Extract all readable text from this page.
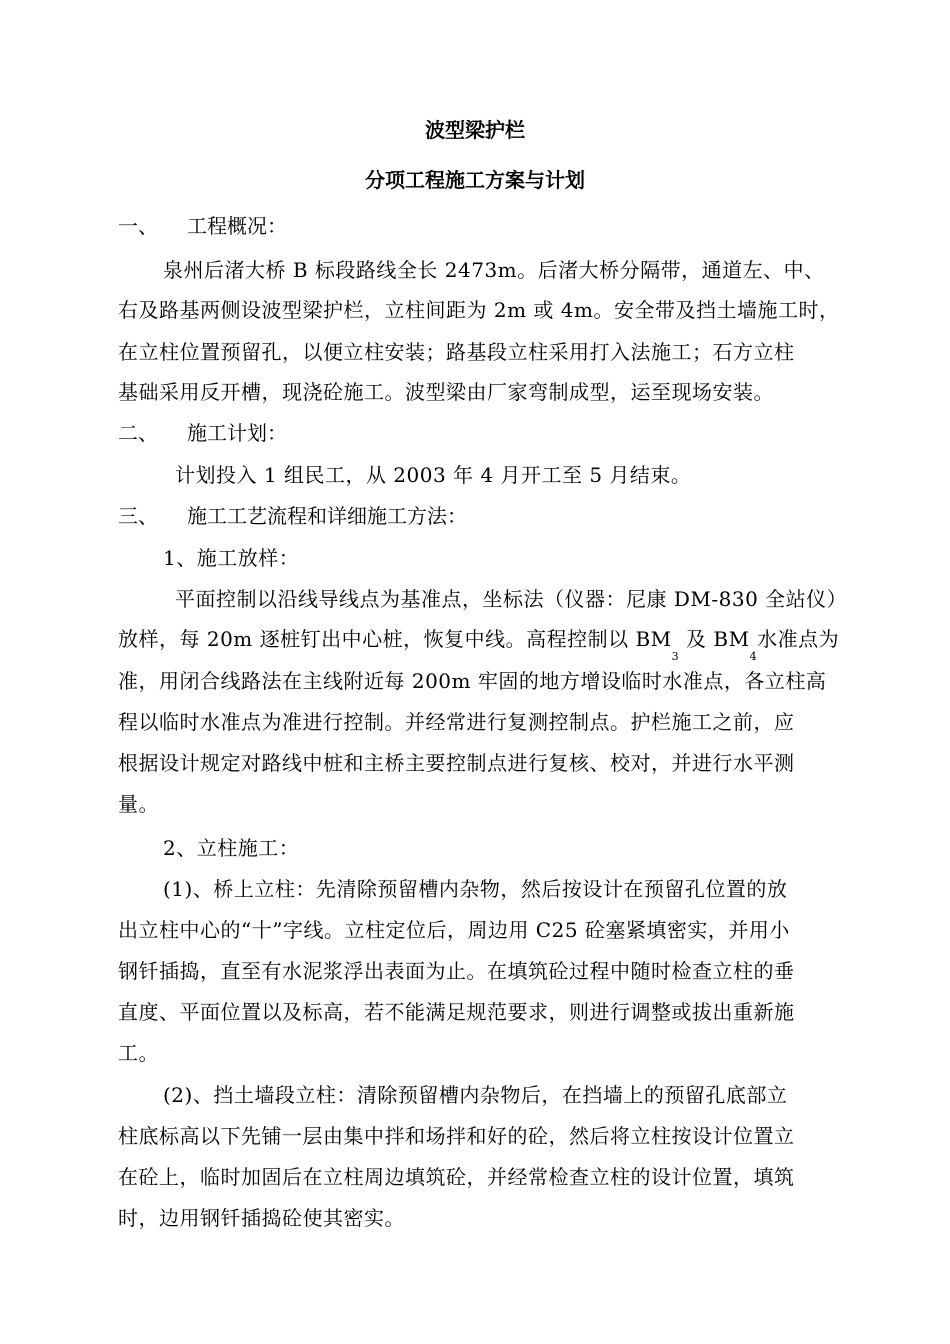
波型梁护栏
分项工程施工方案与计划
一、 工程概况：
泉州后渚大桥 B 标段路线全长 2473m。后渚大桥分隔带，通道左、中、
右及路基两侧设波型梁护栏，立柱间距为 2m 或 4m。安全带及挡土墙施工时，
在立柱位置预留孔，以便立柱安装；路基段立柱采用打入法施工；石方立柱
基础采用反开槽，现浇砼施工。波型梁由厂家弯制成型，运至现场安装。
二、 施工计划：
计划投入 1 组民工，从 2003 年 4 月开工至 5 月结束。
三、 施工工艺流程和详细施工方法：
1、施工放样：
平面控制以沿线导线点为基准点，坐标法（仪器：尼康 DM-830 全站仪）
放样，每 20m 逐桩钉出中心桩，恢复中线。高程控制以 $BM_3$ 及 $BM_4$水准点为
准，用闭合线路法在主线附近每 200m 牢固的地方增设临时水准点，各立柱高
程以临时水准点为准进行控制。并经常进行复测控制点。护栏施工之前，应
根据设计规定对路线中桩和主桥主要控制点进行复核、校对，并进行水平测
量。
2、立柱施工：
(1)、桥上立柱：先清除预留槽内杂物，然后按设计在预留孔位置的放
出立柱中心的“十”字线。立柱定位后，周边用 C25 砼塞紧填密实，并用小
钢钎插捣，直至有水泥浆浮出表面为止。在填筑砼过程中随时检查立柱的垂
直度、平面位置以及标高，若不能满足规范要求，则进行调整或拔出重新施
工。
(2)、挡土墙段立柱：清除预留槽内杂物后，在挡墙上的预留孔底部立
柱底标高以下先铺一层由集中拌和场拌和好的砼，然后将立柱按设计位置立
在砼上，临时加固后在立柱周边填筑砼，并经常检查立柱的设计位置，填筑
时，边用钢钎插捣砼使其密实。
